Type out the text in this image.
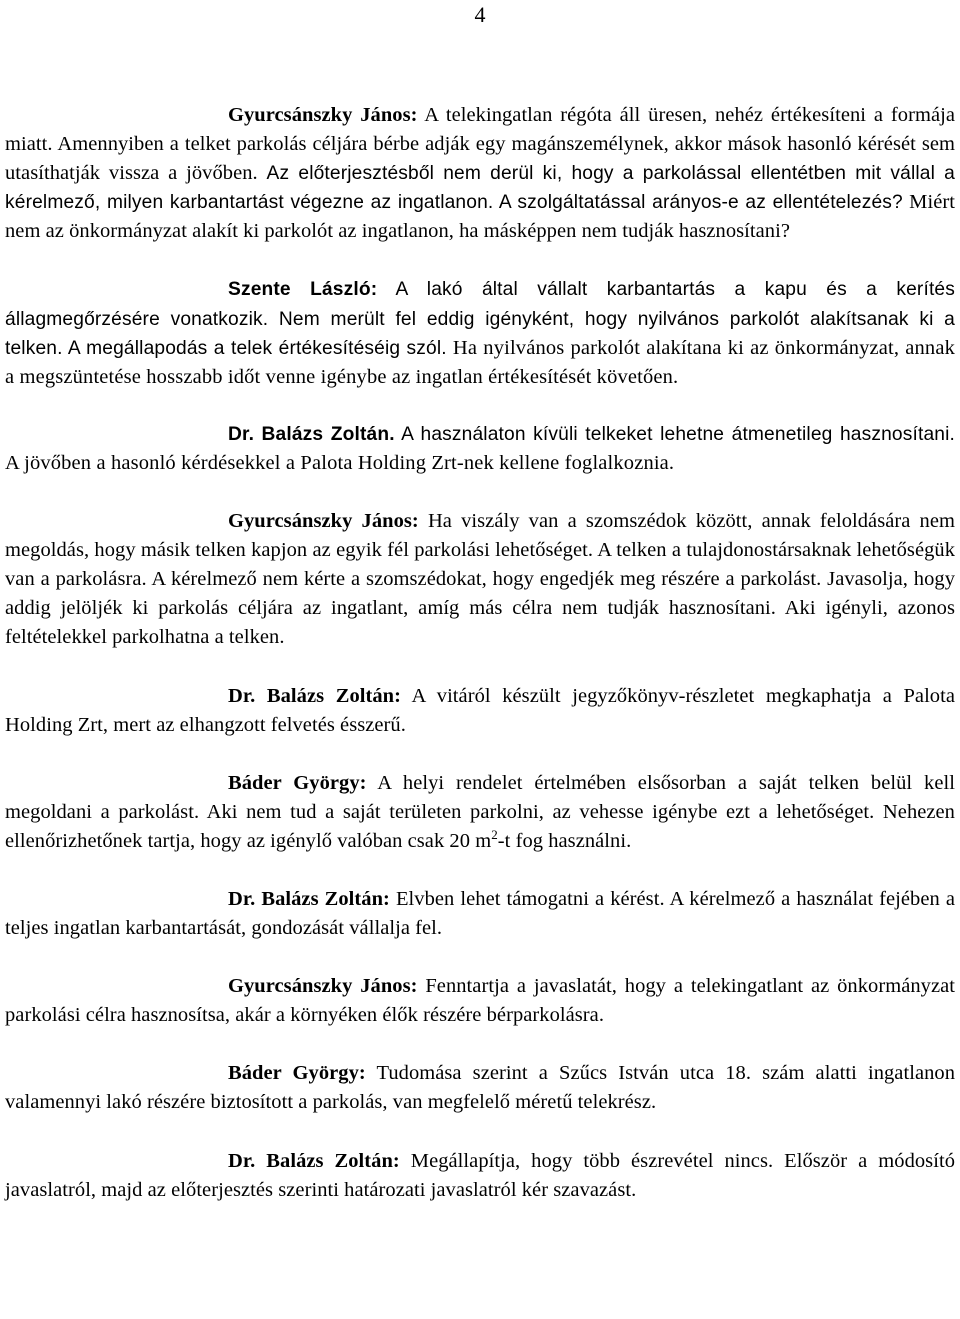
4

Gyurcsánszky János: A telekingatlan régóta áll üresen, nehéz értékesíteni a formája miatt. Amennyiben a telket parkolás céljára bérbe adják egy magánszemélynek, akkor mások hasonló kérését sem utasíthatják vissza a jövőben. Az előterjesztésből nem derül ki, hogy a parkolással ellentétben mit vállal a kérelmező, milyen karbantartást végezne az ingatlanon. A szolgáltatással arányos-e az ellentételezés? Miért nem az önkormányzat alakít ki parkolót az ingatlanon, ha másképpen nem tudják hasznosítani?

Szente László: A lakó által vállalt karbantartás a kapu és a kerítés állagmegőrzésére vonatkozik. Nem merült fel eddig igényként, hogy nyilvános parkolót alakítsanak ki a telken. A megállapodás a telek értékesítéséig szól. Ha nyilvános parkolót alakítana ki az önkormányzat, annak a megszüntetése hosszabb időt venne igénybe az ingatlan értékesítését követően.

Dr. Balázs Zoltán. A használaton kívüli telkeket lehetne átmenetileg hasznosítani. A jövőben a hasonló kérdésekkel a Palota Holding Zrt-nek kellene foglalkoznia.

Gyurcsánszky János: Ha viszály van a szomszédok között, annak feloldására nem megoldás, hogy másik telken kapjon az egyik fél parkolási lehetőséget. A telken a tulajdonostársaknak lehetőségük van a parkolásra. A kérelmező nem kérte a szomszédokat, hogy engedjék meg részére a parkolást. Javasolja, hogy addig jelöljék ki parkolás céljára az ingatlant, amíg más célra nem tudják hasznosítani. Aki igényli, azonos feltételekkel parkolhatna a telken.

Dr. Balázs Zoltán: A vitáról készült jegyzőkönyv-részletet megkaphatja a Palota Holding Zrt, mert az elhangzott felvetés ésszerű.

Báder György: A helyi rendelet értelmében elsősorban a saját telken belül kell megoldani a parkolást. Aki nem tud a saját területen parkolni, az vehesse igénybe ezt a lehetőséget. Nehezen ellenőrizhetőnek tartja, hogy az igénylő valóban csak 20 $m^2-t$ fog használni.

Dr. Balázs Zoltán: Elvben lehet támogatni a kérést. A kérelmező a használat fejében a teljes ingatlan karbantartását, gondozását vállalja fel.

Gyurcsánszky János: Fenntartja a javaslatát, hogy a telekingatlant az önkormányzat parkolási célra hasznosítsa, akár a környéken élők részére bérparkolásra.

Báder György: Tudomása szerint a Szűcs István utca 18. szám alatti ingatlanon valamennyi lakó részére biztosított a parkolás, van megfelelő méretű telekrész.

Dr. Balázs Zoltán: Megállapítja, hogy több észrevétel nincs. Először a módosító javaslatról, majd az előterjesztés szerinti határozati javaslatról kér szavazást.
